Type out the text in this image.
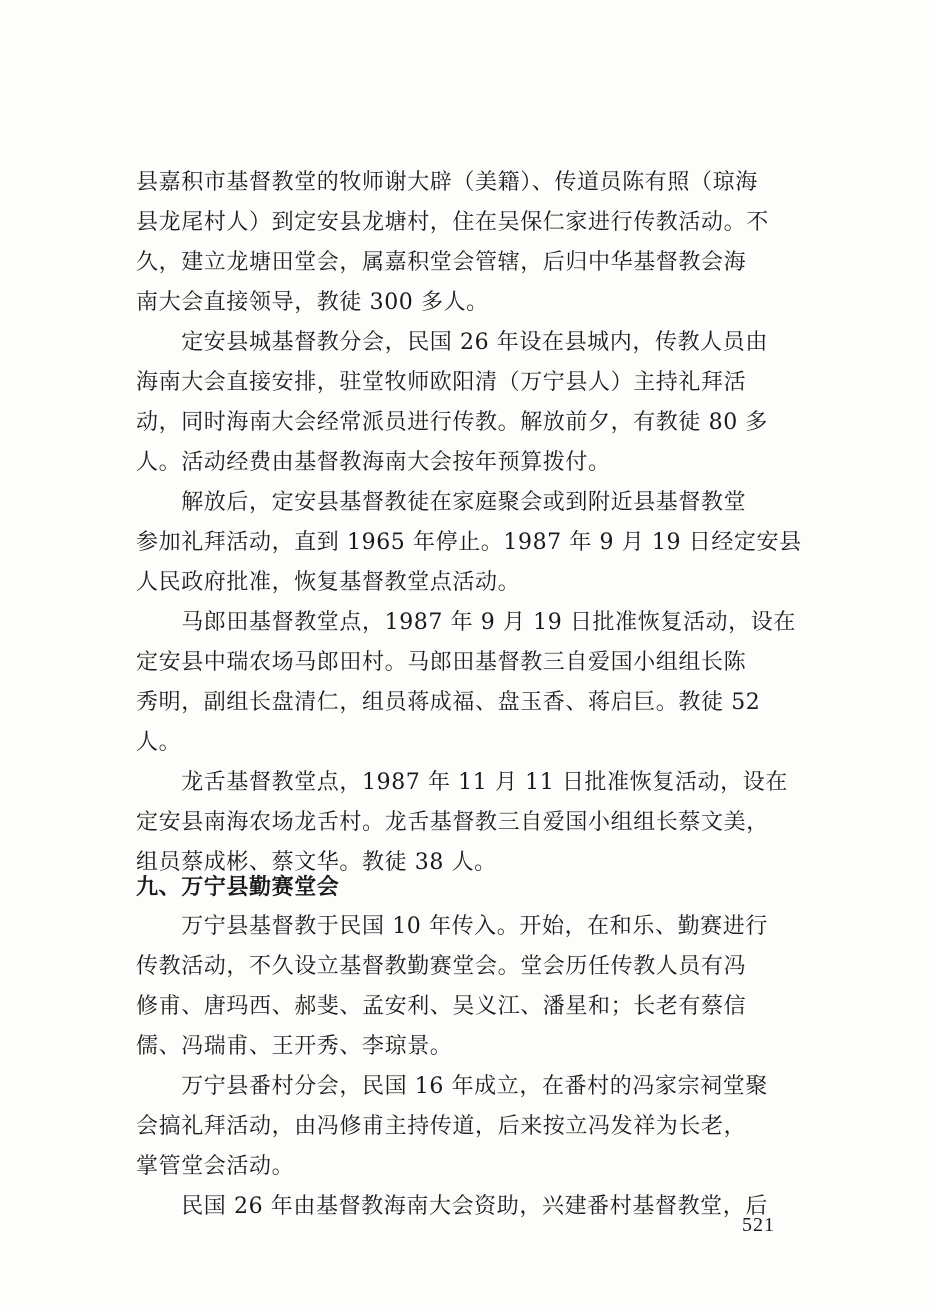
县嘉积市基督教堂的牧师谢大辟（美籍）、传道员陈有照（琼海
县龙尾村人）到定安县龙塘村，住在吴保仁家进行传教活动。不
久，建立龙塘田堂会，属嘉积堂会管辖，后归中华基督教会海
南大会直接领导，教徒 300 多人。
　　定安县城基督教分会，民国 26 年设在县城内，传教人员由
海南大会直接安排，驻堂牧师欧阳清（万宁县人）主持礼拜活
动，同时海南大会经常派员进行传教。解放前夕，有教徒 80 多
人。活动经费由基督教海南大会按年预算拨付。
　　解放后，定安县基督教徒在家庭聚会或到附近县基督教堂
参加礼拜活动，直到 1965 年停止。1987 年 9 月 19 日经定安县
人民政府批准，恢复基督教堂点活动。
　　马郎田基督教堂点，1987 年 9 月 19 日批准恢复活动，设在
定安县中瑞农场马郎田村。马郎田基督教三自爱国小组组长陈
秀明，副组长盘清仁，组员蒋成福、盘玉香、蒋启巨。教徒 52
人。
　　龙舌基督教堂点，1987 年 11 月 11 日批准恢复活动，设在
定安县南海农场龙舌村。龙舌基督教三自爱国小组组长蔡文美，
组员蔡成彬、蔡文华。教徒 38 人。
九、万宁县勤赛堂会
　　万宁县基督教于民国 10 年传入。开始，在和乐、勤赛进行
传教活动，不久设立基督教勤赛堂会。堂会历任传教人员有冯
修甫、唐玛西、郝斐、孟安利、吴义江、潘星和；长老有蔡信
儒、冯瑞甫、王开秀、李琼景。
　　万宁县番村分会，民国 16 年成立，在番村的冯家宗祠堂聚
会搞礼拜活动，由冯修甫主持传道，后来按立冯发祥为长老，
掌管堂会活动。
　　民国 26 年由基督教海南大会资助，兴建番村基督教堂，后
521
